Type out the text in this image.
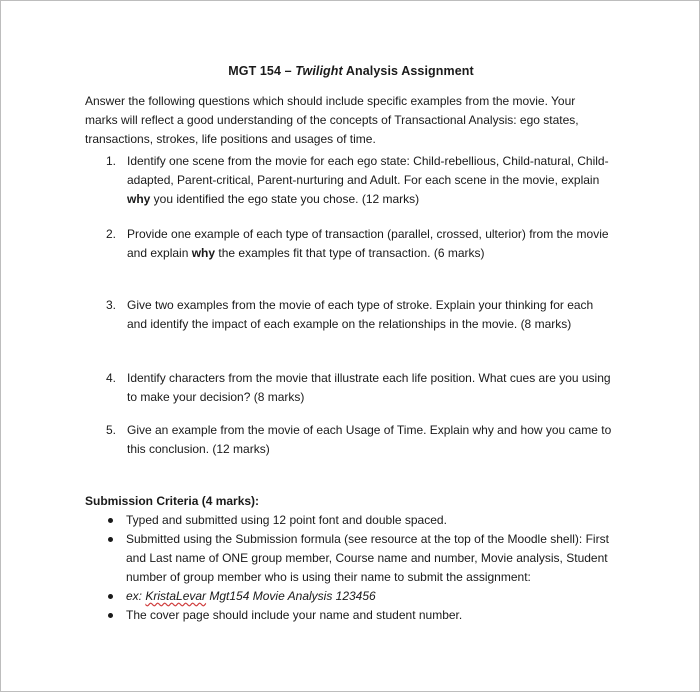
MGT 154 – Twilight Analysis Assignment
Answer the following questions which should include specific examples from the movie. Your marks will reflect a good understanding of the concepts of Transactional Analysis: ego states, transactions, strokes, life positions and usages of time.
1. Identify one scene from the movie for each ego state: Child-rebellious, Child-natural, Child-adapted, Parent-critical, Parent-nurturing and Adult. For each scene in the movie, explain why you identified the ego state you chose. (12 marks)
2. Provide one example of each type of transaction (parallel, crossed, ulterior) from the movie and explain why the examples fit that type of transaction. (6 marks)
3. Give two examples from the movie of each type of stroke. Explain your thinking for each and identify the impact of each example on the relationships in the movie. (8 marks)
4. Identify characters from the movie that illustrate each life position. What cues are you using to make your decision? (8 marks)
5. Give an example from the movie of each Usage of Time. Explain why and how you came to this conclusion. (12 marks)
Submission Criteria (4 marks):
Typed and submitted using 12 point font and double spaced.
Submitted using the Submission formula (see resource at the top of the Moodle shell): First and Last name of ONE group member, Course name and number, Movie analysis, Student number of group member who is using their name to submit the assignment:
ex: KristaLevar Mgt154 Movie Analysis 123456
The cover page should include your name and student number.
